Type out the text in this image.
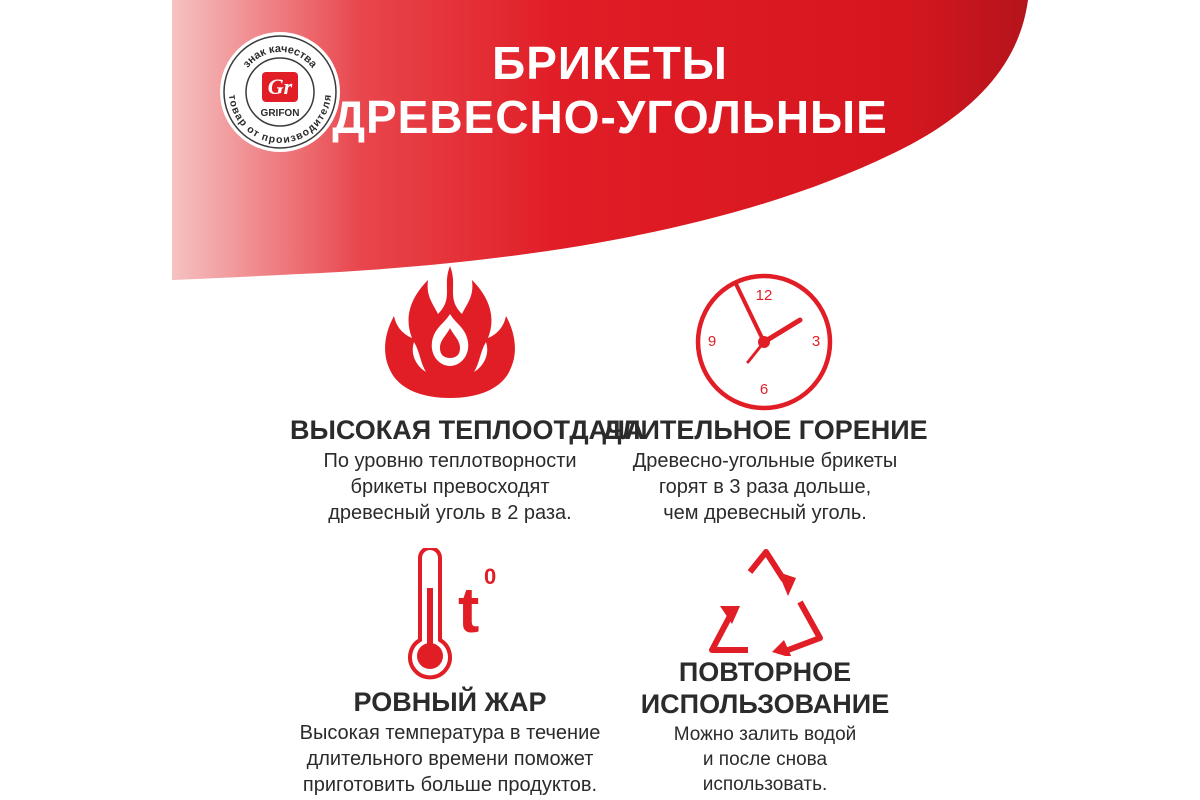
знак качества
товар от производителя
Gr
GRIFON
БРИКЕТЫ
ДРЕВЕСНО-УГОЛЬНЫЕ
12
3
6
9
t 0
ВЫСОКАЯ ТЕПЛООТДАЧА
По уровню теплотворности
брикеты превосходят
древесный уголь в 2 раза.
ДЛИТЕЛЬНОЕ ГОРЕНИЕ
Древесно-угольные брикеты
горят в 3 раза дольше,
чем древесный уголь.
РОВНЫЙ ЖАР
Высокая температура в течение
длительного времени поможет
приготовить больше продуктов.
ПОВТОРНОЕ
ИСПОЛЬЗОВАНИЕ
Можно залить водой
и после снова
использовать.
